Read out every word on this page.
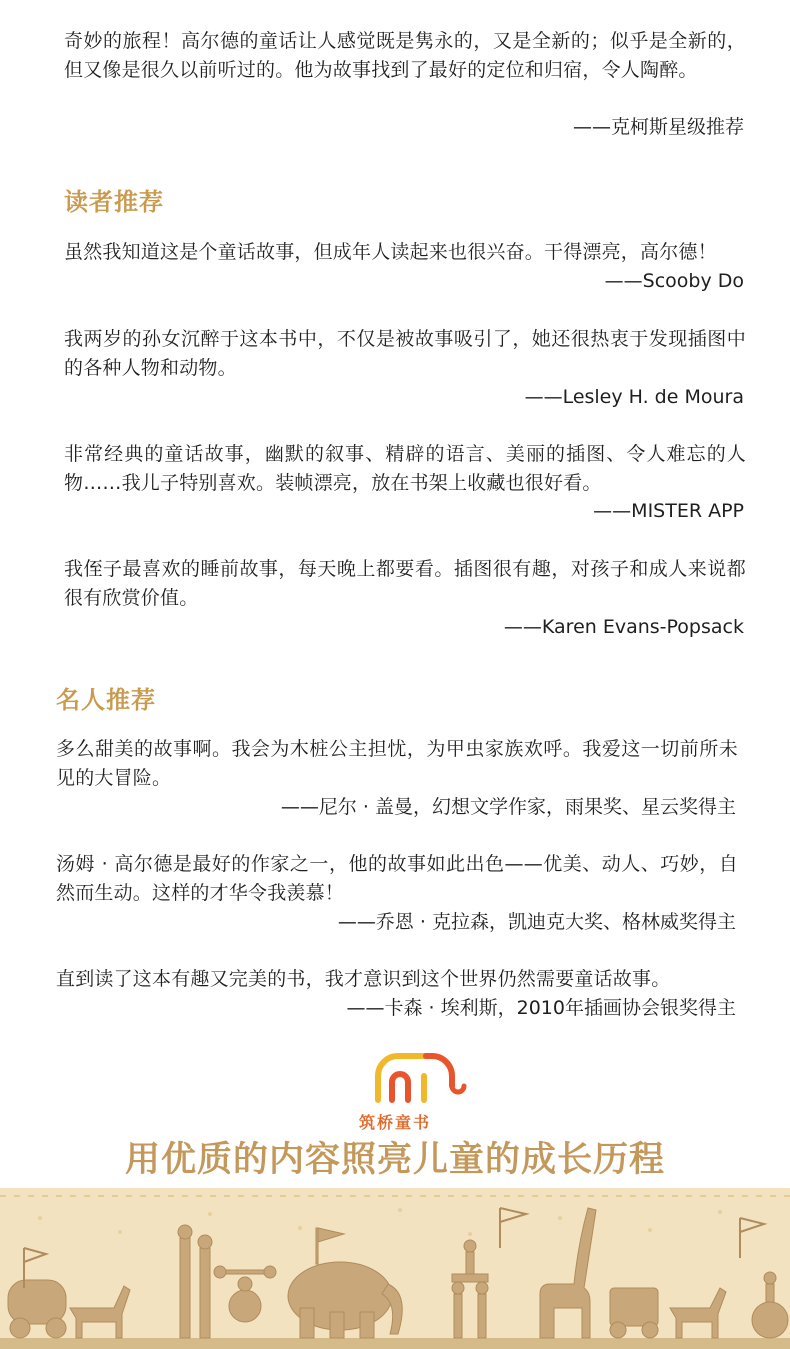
奇妙的旅程！高尔德的童话让人感觉既是隽永的，又是全新的；似乎是全新的，但又像是很久以前听过的。他为故事找到了最好的定位和归宿，令人陶醉。

——克柯斯星级推荐
读者推荐

虽然我知道这是个童话故事，但成年人读起来也很兴奋。干得漂亮，高尔德！

——Scooby Do

我两岁的孙女沉醉于这本书中，不仅是被故事吸引了，她还很热衷于发现插图中的各种人物和动物。

——Lesley H. de Moura

非常经典的童话故事，幽默的叙事、精辟的语言、美丽的插图、令人难忘的人物……我儿子特别喜欢。装帧漂亮，放在书架上收藏也很好看。

——MISTER APP

我侄子最喜欢的睡前故事，每天晚上都要看。插图很有趣，对孩子和成人来说都很有欣赏价值。

——Karen Evans-Popsack
名人推荐

多么甜美的故事啊。我会为木桩公主担忧，为甲虫家族欢呼。我爱这一切前所未见的大冒险。

——尼尔 · 盖曼，幻想文学作家，雨果奖、星云奖得主

汤姆 · 高尔德是最好的作家之一，他的故事如此出色——优美、动人、巧妙，自然而生动。这样的才华令我羡慕！

——乔恩 · 克拉森，凯迪克大奖、格林威奖得主

直到读了这本有趣又完美的书，我才意识到这个世界仍然需要童话故事。

——卡森 · 埃利斯，2010年插画协会银奖得主
筑桥童书
用优质的内容照亮儿童的成长历程
